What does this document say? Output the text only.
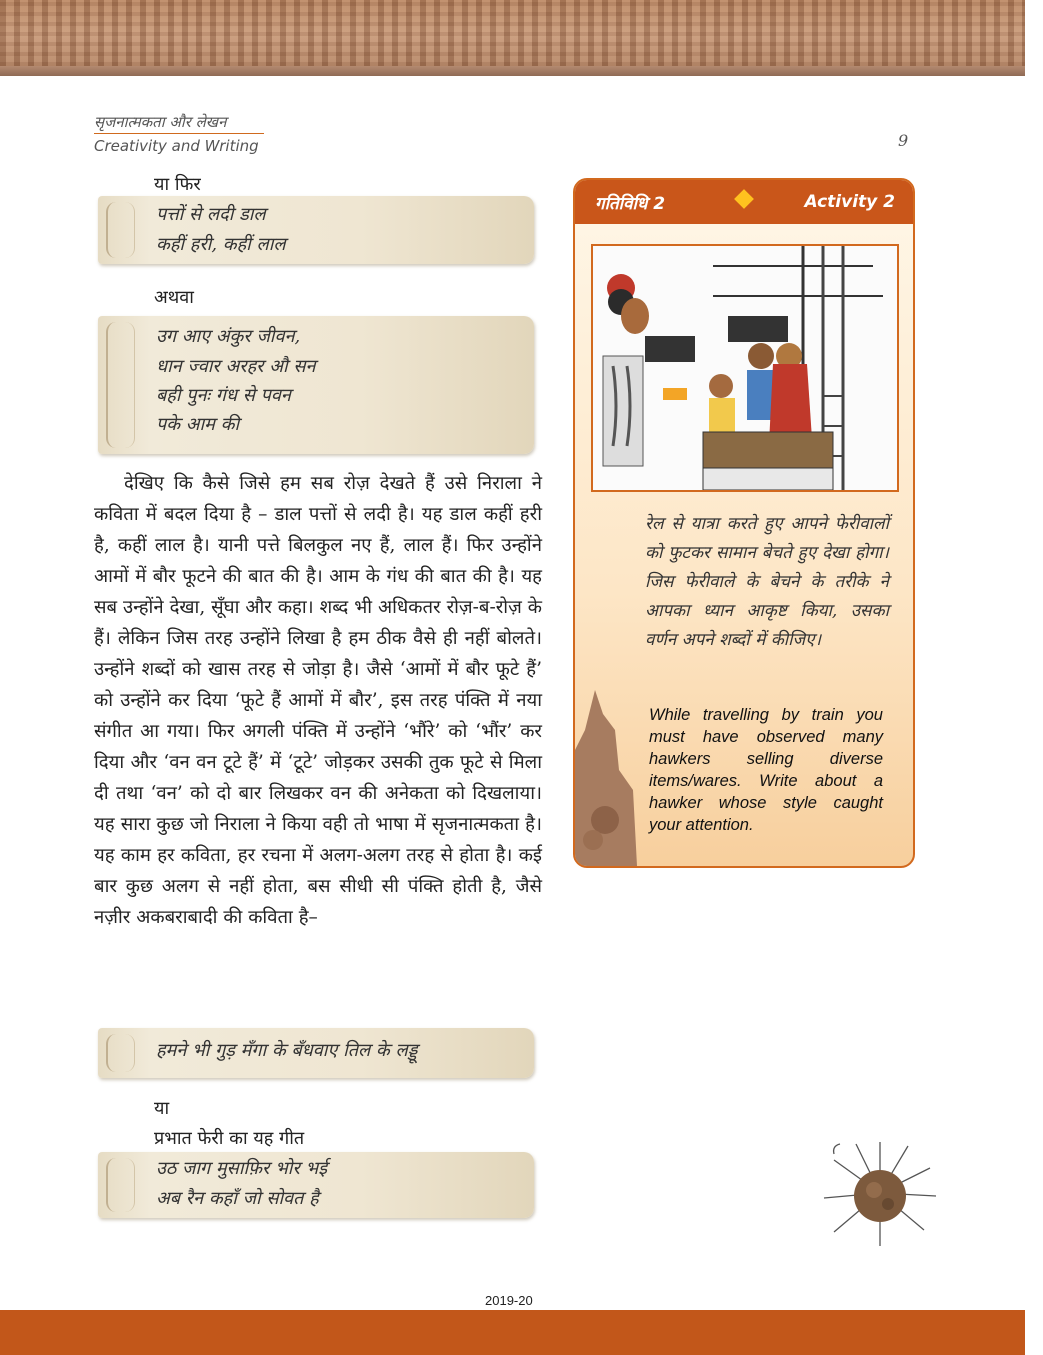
सृजनात्मकता और लेखन
Creativity and Writing	9
या फिर
पत्तों से लदी डाल
कहीं हरी, कहीं लाल
अथवा
उग आए अंकुर जीवन,
धान ज्वार अरहर औ सन
बही पुनः गंध से पवन
पके आम की

देखिए कि कैसे जिसे हम सब रोज़ देखते हैं उसे निराला ने कविता में बदल दिया है – डाल पत्तों से लदी है। यह डाल कहीं हरी है, कहीं लाल है। यानी पत्ते बिलकुल नए हैं, लाल हैं। फिर उन्होंने आमों में बौर फूटने की बात की है। आम के गंध की बात की है। यह सब उन्होंने देखा, सूँघा और कहा। शब्द भी अधिकतर रोज़-ब-रोज़ के हैं। लेकिन जिस तरह उन्होंने लिखा है हम ठीक वैसे ही नहीं बोलते। उन्होंने शब्दों को खास तरह से जोड़ा है। जैसे ‘आमों में बौर फूटे हैं’ को उन्होंने कर दिया ‘फूटे हैं आमों में बौर’, इस तरह पंक्ति में नया संगीत आ गया। फिर अगली पंक्ति में उन्होंने ‘भौंरे’ को ‘भौंर’ कर दिया और ‘वन वन टूटे हैं’ में ‘टूटे’ जोड़कर उसकी तुक फूटे से मिला दी तथा ‘वन’ को दो बार लिखकर वन की अनेकता को दिखलाया। यह सारा कुछ जो निराला ने किया वही तो भाषा में सृजनात्मकता है। यह काम हर कविता, हर रचना में अलग-अलग तरह से होता है। कई बार कुछ अलग से नहीं होता, बस सीधी सी पंक्ति होती है, जैसे नज़ीर अकबराबादी की कविता है–

हमने भी गुड़ मँगा के बँधवाए तिल के लड्डू
या
प्रभात फेरी का यह गीत
उठ जाग मुसाफ़िर भोर भई
अब रैन कहाँ जो सोवत है
गतिविधि 2	Activity 2
रेल से यात्रा करते हुए आपने फेरीवालों को फुटकर सामान बेचते हुए देखा होगा। जिस फेरीवाले के बेचने के तरीके ने आपका ध्यान आकृष्ट किया, उसका वर्णन अपने शब्दों में कीजिए।
While travelling by train you must have observed many hawkers selling diverse items/wares. Write about a hawker whose style caught your attention.
2019-20
